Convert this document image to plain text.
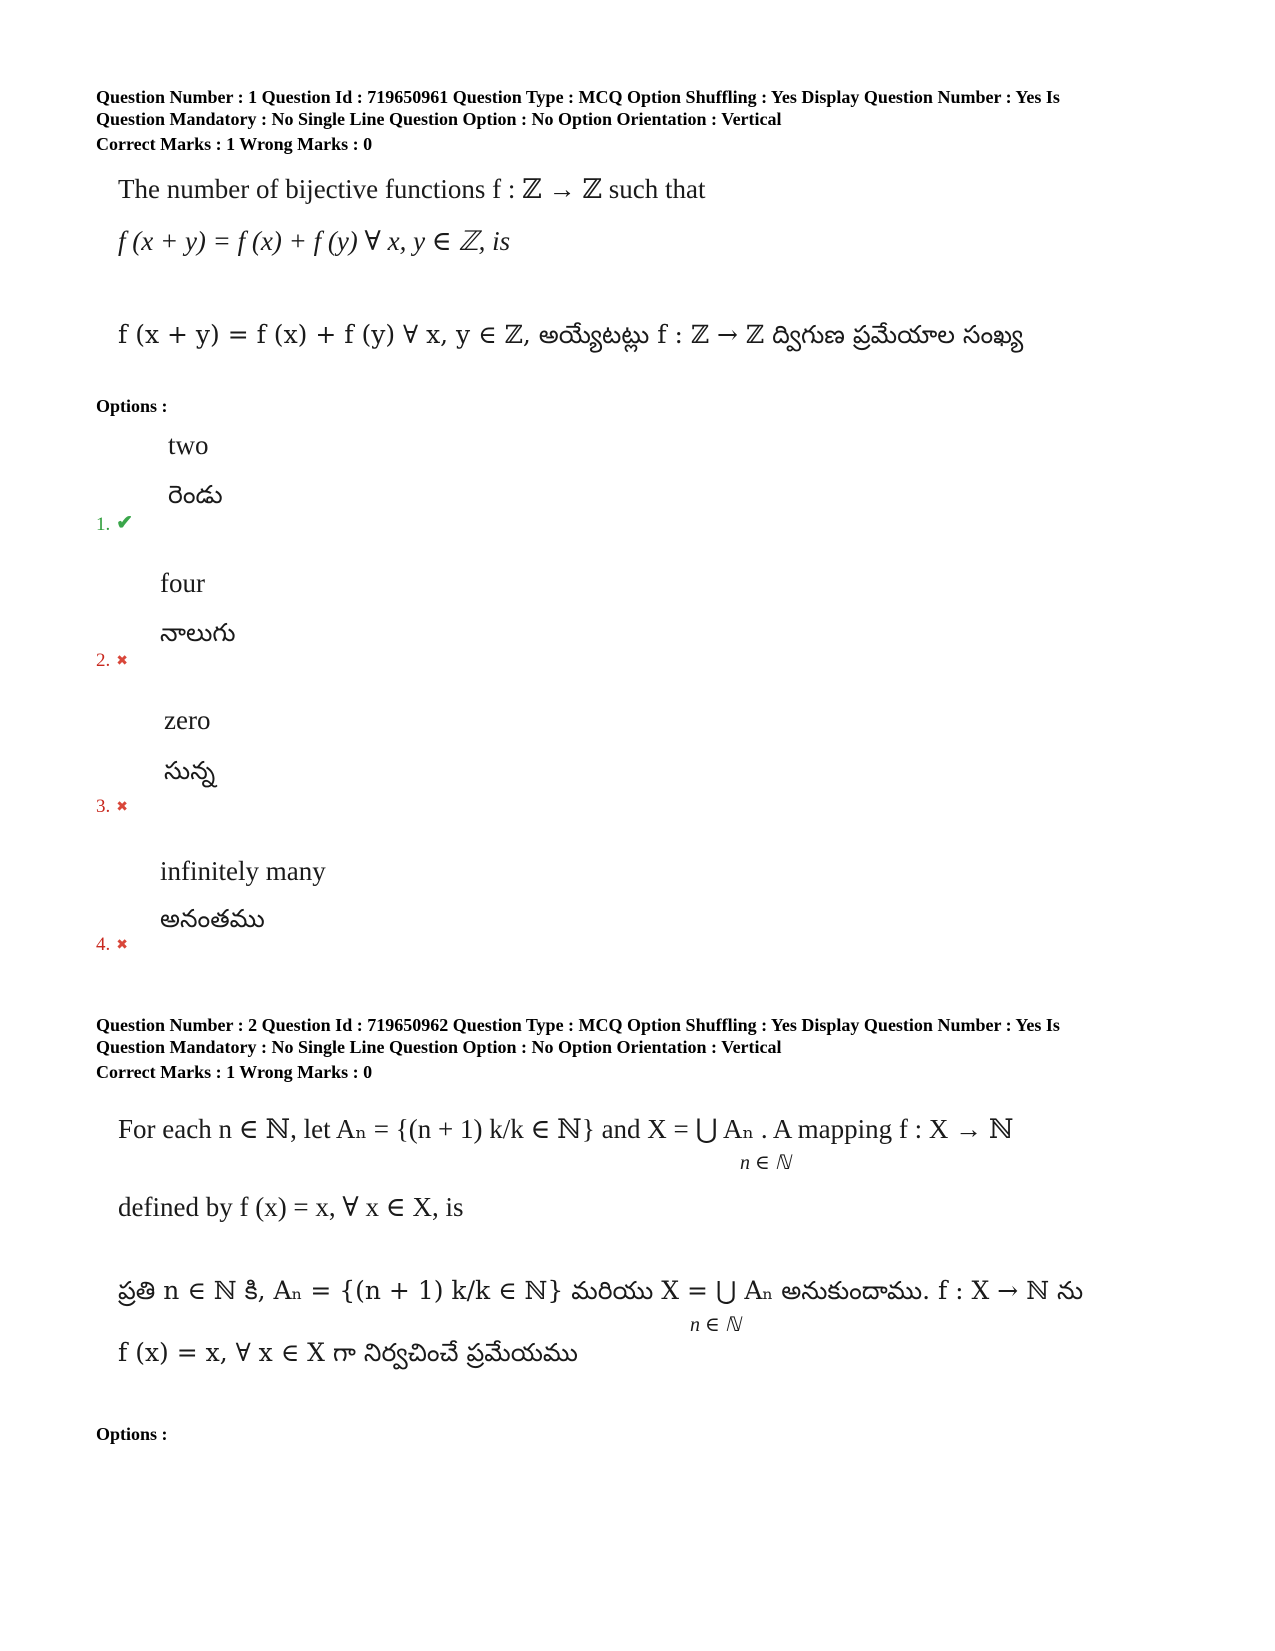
Question Number : 1 Question Id : 719650961 Question Type : MCQ Option Shuffling : Yes Display Question Number : Yes Is

Question Mandatory : No Single Line Question Option : No Option Orientation : Vertical

Correct Marks : 1 Wrong Marks : 0

The number of bijective functions f : ℤ → ℤ such that

f (x + y) = f (x) + f (y) ∀ x, y ∈ ℤ, is

f (x + y) = f (x) + f (y) ∀ x, y ∈ ℤ, అయ్యేటట్లు f : ℤ → ℤ ద్విగుణ ప్రమేయాల సంఖ్య

Options :

two
రెండు
1. ✔
four
నాలుగు
2. ✖
zero
సున్న
3. ✖
infinitely many
అనంతము
4. ✖

Question Number : 2 Question Id : 719650962 Question Type : MCQ Option Shuffling : Yes Display Question Number : Yes Is

Question Mandatory : No Single Line Question Option : No Option Orientation : Vertical

Correct Marks : 1 Wrong Marks : 0

For each n ∈ ℕ, let Aₙ = {(n + 1) k/k ∈ ℕ} and X = ⋃ Aₙ . A mapping f : X → ℕ

n ∈ ℕ

defined by f (x) = x, ∀ x ∈ X, is

ప్రతి n ∈ ℕ కి, Aₙ = {(n + 1) k/k ∈ ℕ} మరియు X = ⋃ Aₙ అనుకుందాము. f : X → ℕ ను

n ∈ ℕ

f (x) = x, ∀ x ∈ X గా నిర్వచించే ప్రమేయము

Options :
